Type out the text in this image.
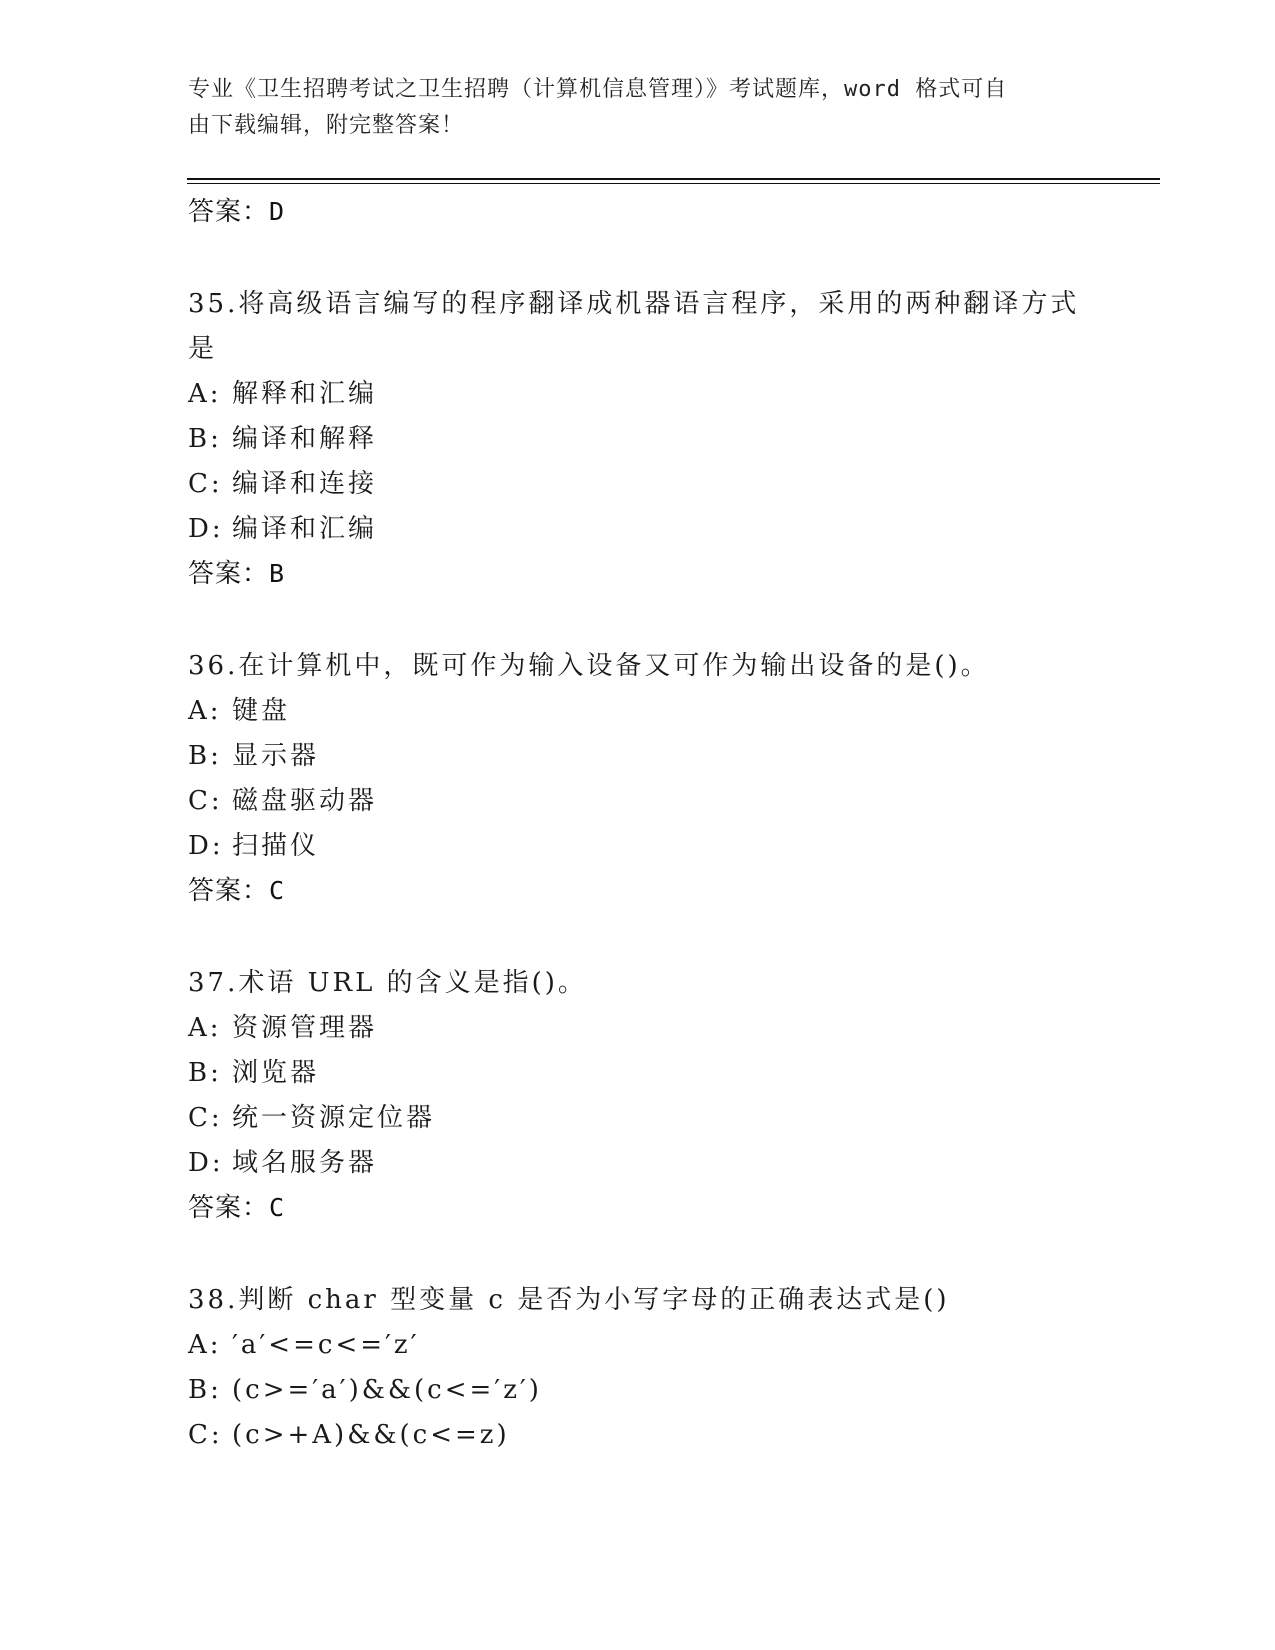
专业《卫生招聘考试之卫生招聘（计算机信息管理）》考试题库，word 格式可自
由下载编辑，附完整答案！
答案：D
35.将高级语言编写的程序翻译成机器语言程序，采用的两种翻译方式是
A: 解释和汇编
B: 编译和解释
C: 编译和连接
D: 编译和汇编
答案：B
36.在计算机中，既可作为输入设备又可作为输出设备的是()。
A: 键盘
B: 显示器
C: 磁盘驱动器
D: 扫描仪
答案：C
37.术语 URL 的含义是指()。
A: 资源管理器
B: 浏览器
C: 统一资源定位器
D: 域名服务器
答案：C
38.判断 char 型变量 c 是否为小写字母的正确表达式是()
A: ′a′<=c<=′z′
B: (c>=′a′)&&(c<=′z′)
C: (c>+A)&&(c<=z)
